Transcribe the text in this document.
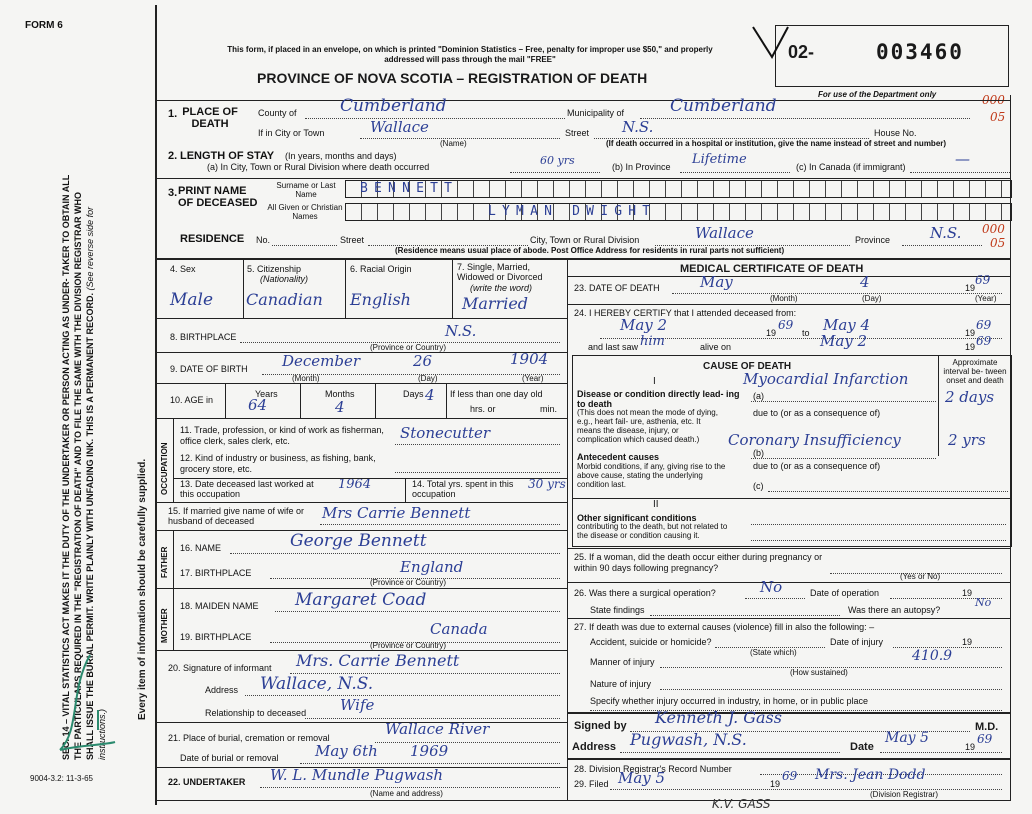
FORM 6
SEC. 14 – VITAL STATISTICS ACT MAKES IT THE DUTY OF THE UNDERTAKER OR PERSON ACTING AS UNDER- TAKER TO OBTAIN ALL THE PARTICULARS REQUIRED IN THE "REGISTRATION OF DEATH" AND TO FILE THE SAME WITH THE DIVISION REGISTRAR WHO SHALL ISSUE THE BURIAL PERMIT. WRITE PLAINLY WITH UNFADING INK. THIS IS A PERMANENT RECORD. (See reverse side for instructions.)
Every item of information should be carefully supplied.
9004-3.2: 11-3-65
This form, if placed in an envelope, on which is printed "Dominion Statistics – Free, penalty for improper use $50," and properly addressed will pass through the mail "FREE"
PROVINCE OF NOVA SCOTIA – REGISTRATION OF DEATH
02-	003460
For use of the Department only	000
05
1. PLACE OF DEATH
County of	Cumberland	Municipality of	Cumberland
If in City or Town	Wallace
(Name)
Street N.S.	House No.
(If death occurred in a hospital or institution, give the name instead of street and number)
2. LENGTH OF STAY (In years, months and days)
(a) In City, Town or Rural Division where death occurred	60 yrs	(b) In Province Lifetime	(c) In Canada (if immigrant)	—
3. PRINT NAME OF DECEASED
Surname or Last Name
All Given or Christian Names
BENNETT
LYMAN DWIGHT
RESIDENCE No.	Street	City, Town or Rural Division	Wallace	Province	N.S. 000
05
(Residence means usual place of abode. Post Office Address for residents in rural parts not sufficient)
4. Sex
Male
5. Citizenship
(Nationality)
Canadian
6. Racial Origin
English
7. Single, Married, Widowed or Divorced
(write the word)
Married
8. BIRTHPLACE	N.S.
(Province or Country)
9. DATE OF BIRTH December	26	1904
(Month)	(Day)	(Year)
10. AGE in
Years
64
Months
4
Days 4 If less than one day old
hrs. or	min.
OCCUPATION
11. Trade, profession, or kind of work as fisherman, office clerk, sales clerk, etc.	Stonecutter
12. Kind of industry or business, as fishing, bank, grocery store, etc.
13. Date deceased last worked at this occupation
1964	14. Total yrs. spent in this occupation
30 yrs
15. If married give name of wife or husband of deceased	Mrs Carrie Bennett
FATHER 16. NAME	George Bennett
17. BIRTHPLACE	England
(Province or Country)
MOTHER
18. MAIDEN NAME Margaret Coad
19. BIRTHPLACE	Canada
(Province or Country)
20. Signature of informant Mrs. Carrie Bennett
Address Wallace, N.S.
Relationship to deceased Wife
21. Place of burial, cremation or removal	Wallace River
Date of burial or removal May 6th 1969
22. UNDERTAKER W. L. Mundle Pugwash
(Name and address)
MEDICAL CERTIFICATE OF DEATH
23. DATE OF DEATH	May	4	19
69
(Month)	(Day)	(Year)
24. I HEREBY CERTIFY that I attended deceased from:
May 2	19
69
to May 4	19
69
and last saw him	alive on	May 2	19 69
CAUSE OF DEATH	Approximate interval be- tween onset and death
I
Disease or condition directly lead- ing to death
(This does not mean the mode of dying, e.g., heart fail- ure, asthenia, etc. It means the disease, injury, or complication which caused death.)
(a)
Myocardial Infarction
2 days
due to (or as a consequence of)
Coronary Insufficiency	2 yrs
Antecedent causes
Morbid conditions, if any, giving rise to the above cause, stating the underlying condition last.
(b)
due to (or as a consequence of)
(c)
II
Other significant conditions
contributing to the death, but not related to the disease or condition causing it.
25. If a woman, did the death occur either during pregnancy or within 90 days following pregnancy?
(Yes or No)
26. Was there a surgical operation?	No	Date of operation	19
State findings	Was there an autopsy?
No
27. If death was due to external causes (violence) fill in also the following: –
Accident, suicide or homicide?	Date of injury	19
(State which)
Manner of injury	410.9
(How sustained)
Nature of injury
Specify whether injury occurred in industry, in home, or in public place
Signed by Kenneth J. Gass	M.D.
Address Pugwash, N.S.	Date
May 5
19
69
28. Division Registrar's Record Number
29. Filed May 5	19
69 Mrs. Jean Dodd
(Division Registrar)
K.V. GASS
